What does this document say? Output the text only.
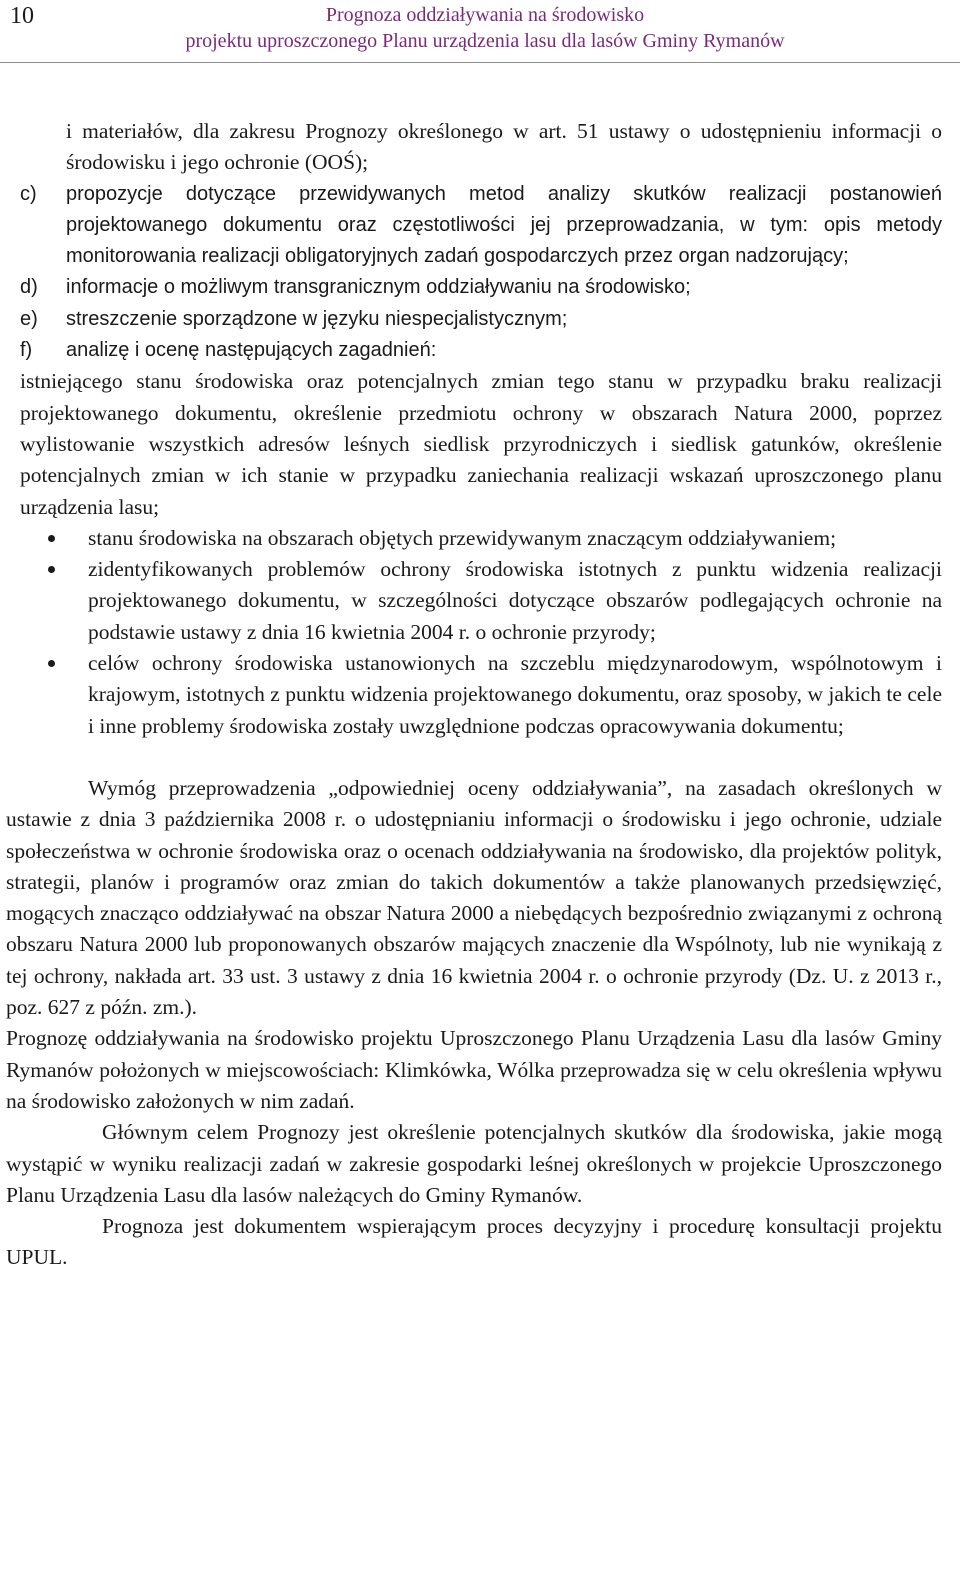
10	Prognoza oddziaływania na środowisko
projektu uproszczonego Planu urządzenia lasu dla lasów Gminy Rymanów
i materiałów, dla zakresu Prognozy określonego w art. 51 ustawy o udostępnieniu informacji o środowisku i jego ochronie (OOŚ);
c) propozycje dotyczące przewidywanych metod analizy skutków realizacji postanowień projektowanego dokumentu oraz częstotliwości jej przeprowadzania, w tym: opis metody monitorowania realizacji obligatoryjnych zadań gospodarczych przez organ nadzorujący;
d) informacje o możliwym transgranicznym oddziaływaniu na środowisko;
e) streszczenie sporządzone w języku niespecjalistycznym;
f) analizę i ocenę następujących zagadnień:
istniejącego stanu środowiska oraz potencjalnych zmian tego stanu w przypadku braku realizacji projektowanego dokumentu, określenie przedmiotu ochrony w obszarach Natura 2000, poprzez wylistowanie wszystkich adresów leśnych siedlisk przyrodniczych i siedlisk gatunków, określenie potencjalnych zmian w ich stanie w przypadku zaniechania realizacji wskazań uproszczonego planu urządzenia lasu;
stanu środowiska na obszarach objętych przewidywanym znaczącym oddziaływaniem;
zidentyfikowanych problemów ochrony środowiska istotnych z punktu widzenia realizacji projektowanego dokumentu, w szczególności dotyczące obszarów podlegających ochronie na podstawie ustawy z dnia 16 kwietnia 2004 r. o ochronie przyrody;
celów ochrony środowiska ustanowionych na szczeblu międzynarodowym, wspólnotowym i krajowym, istotnych z punktu widzenia projektowanego dokumentu, oraz sposoby, w jakich te cele i inne problemy środowiska zostały uwzględnione podczas opracowywania dokumentu;

Wymóg przeprowadzenia „odpowiedniej oceny oddziaływania”, na zasadach określonych w ustawie z dnia 3 października 2008 r. o udostępnianiu informacji o środowisku i jego ochronie, udziale społeczeństwa w ochronie środowiska oraz o ocenach oddziaływania na środowisko, dla projektów polityk, strategii, planów i programów oraz zmian do takich dokumentów a także planowanych przedsięwzięć, mogących znacząco oddziaływać na obszar Natura 2000 a niebędących bezpośrednio związanymi z ochroną obszaru Natura 2000 lub proponowanych obszarów mających znaczenie dla Wspólnoty, lub nie wynikają z tej ochrony, nakłada art. 33 ust. 3 ustawy z dnia 16 kwietnia 2004 r. o ochronie przyrody (Dz. U. z 2013 r., poz. 627 z późn. zm.).

Prognozę oddziaływania na środowisko projektu Uproszczonego Planu Urządzenia Lasu dla lasów Gminy Rymanów położonych w miejscowościach: Klimkówka, Wólka przeprowadza się w celu określenia wpływu na środowisko założonych w nim zadań.

Głównym celem Prognozy jest określenie potencjalnych skutków dla środowiska, jakie mogą wystąpić w wyniku realizacji zadań w zakresie gospodarki leśnej określonych w projekcie Uproszczonego Planu Urządzenia Lasu dla lasów należących do Gminy Rymanów.

Prognoza jest dokumentem wspierającym proces decyzyjny i procedurę konsultacji projektu UPUL.
